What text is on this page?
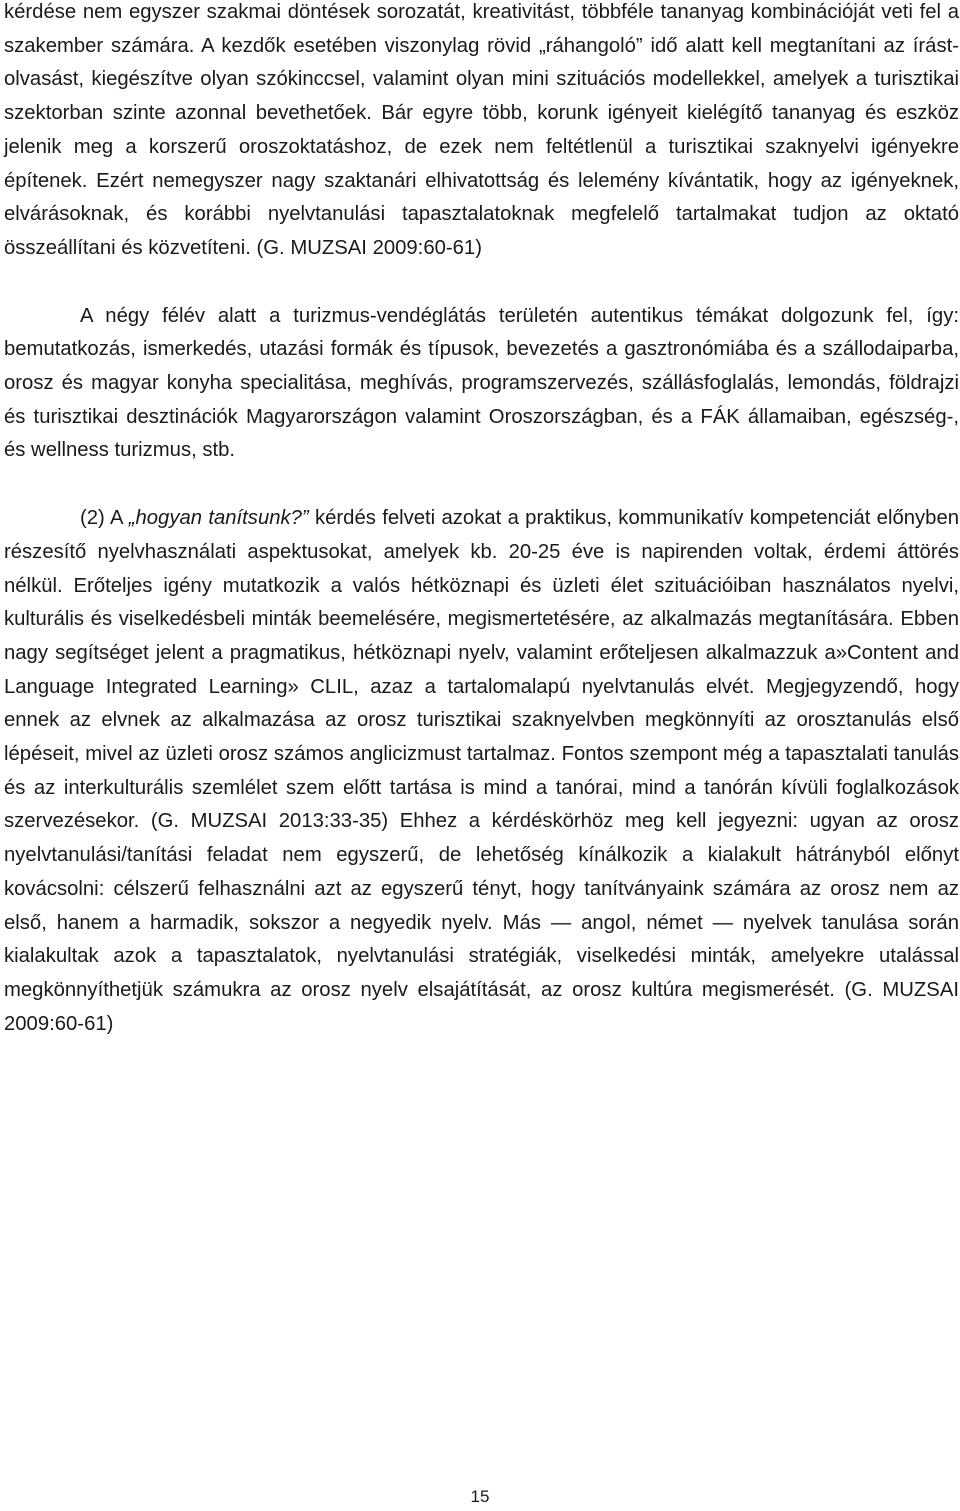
kérdése nem egyszer szakmai döntések sorozatát, kreativitást, többféle tananyag kombinációját veti fel a szakember számára. A kezdők esetében viszonylag rövid „ráhangoló” idő alatt kell megtanítani az írást-olvasást, kiegészítve olyan szókinccsel, valamint olyan mini szituációs modellekkel, amelyek a turisztikai szektorban szinte azonnal bevethetőek. Bár egyre több, korunk igényeit kielégítő tananyag és eszköz jelenik meg a korszerű oroszoktatáshoz, de ezek nem feltétlenül a turisztikai szaknyelvi igényekre építenek. Ezért nemegyszer nagy szaktanári elhivatottság és lelemény kívántatik, hogy az igényeknek, elvárásoknak, és korábbi nyelvtanulási tapasztalatoknak megfelelő tartalmakat tudjon az oktató összeállítani és közvetíteni. (G. MUZSAI 2009:60-61)

A négy félév alatt a turizmus-vendéglátás területén autentikus témákat dolgozunk fel, így: bemutatkozás, ismerkedés, utazási formák és típusok, bevezetés a gasztronómiába és a szállodaiparba, orosz és magyar konyha specialitása, meghívás, programszervezés, szállásfoglalás, lemondás, földrajzi és turisztikai desztinációk Magyarországon valamint Oroszországban, és a FÁK államaiban, egészség-, és wellness turizmus, stb.

(2) A „hogyan tanítsunk?” kérdés felveti azokat a praktikus, kommunikatív kompetenciát előnyben részesítő nyelvhasználati aspektusokat, amelyek kb. 20-25 éve is napirenden voltak, érdemi áttörés nélkül. Erőteljes igény mutatkozik a valós hétköznapi és üzleti élet szituációiban használatos nyelvi, kulturális és viselkedésbeli minták beemelésére, megismertetésére, az alkalmazás megtanítására. Ebben nagy segítséget jelent a pragmatikus, hétköznapi nyelv, valamint erőteljesen alkalmazzuk a»Content and Language Integrated Learning» CLIL, azaz a tartalomalapú nyelvtanulás elvét. Megjegyzendő, hogy ennek az elvnek az alkalmazása az orosz turisztikai szaknyelvben megkönnyíti az orosztanulás első lépéseit, mivel az üzleti orosz számos anglicizmust tartalmaz. Fontos szempont még a tapasztalati tanulás és az interkulturális szemlélet szem előtt tartása is mind a tanórai, mind a tanórán kívüli foglalkozások szervezésekor. (G. MUZSAI 2013:33-35) Ehhez a kérdéskörhöz meg kell jegyezni: ugyan az orosz nyelvtanulási/tanítási feladat nem egyszerű, de lehetőség kínálkozik a kialakult hátrányból előnyt kovácsolni: célszerű felhasználni azt az egyszerű tényt, hogy tanítványaink számára az orosz nem az első, hanem a harmadik, sokszor a negyedik nyelv. Más ― angol, német ― nyelvek tanulása során kialakultak azok a tapasztalatok, nyelvtanulási stratégiák, viselkedési minták, amelyekre utalással megkönnyíthetjük számukra az orosz nyelv elsajátítását, az orosz kultúra megismerését. (G. MUZSAI 2009:60-61)

15
